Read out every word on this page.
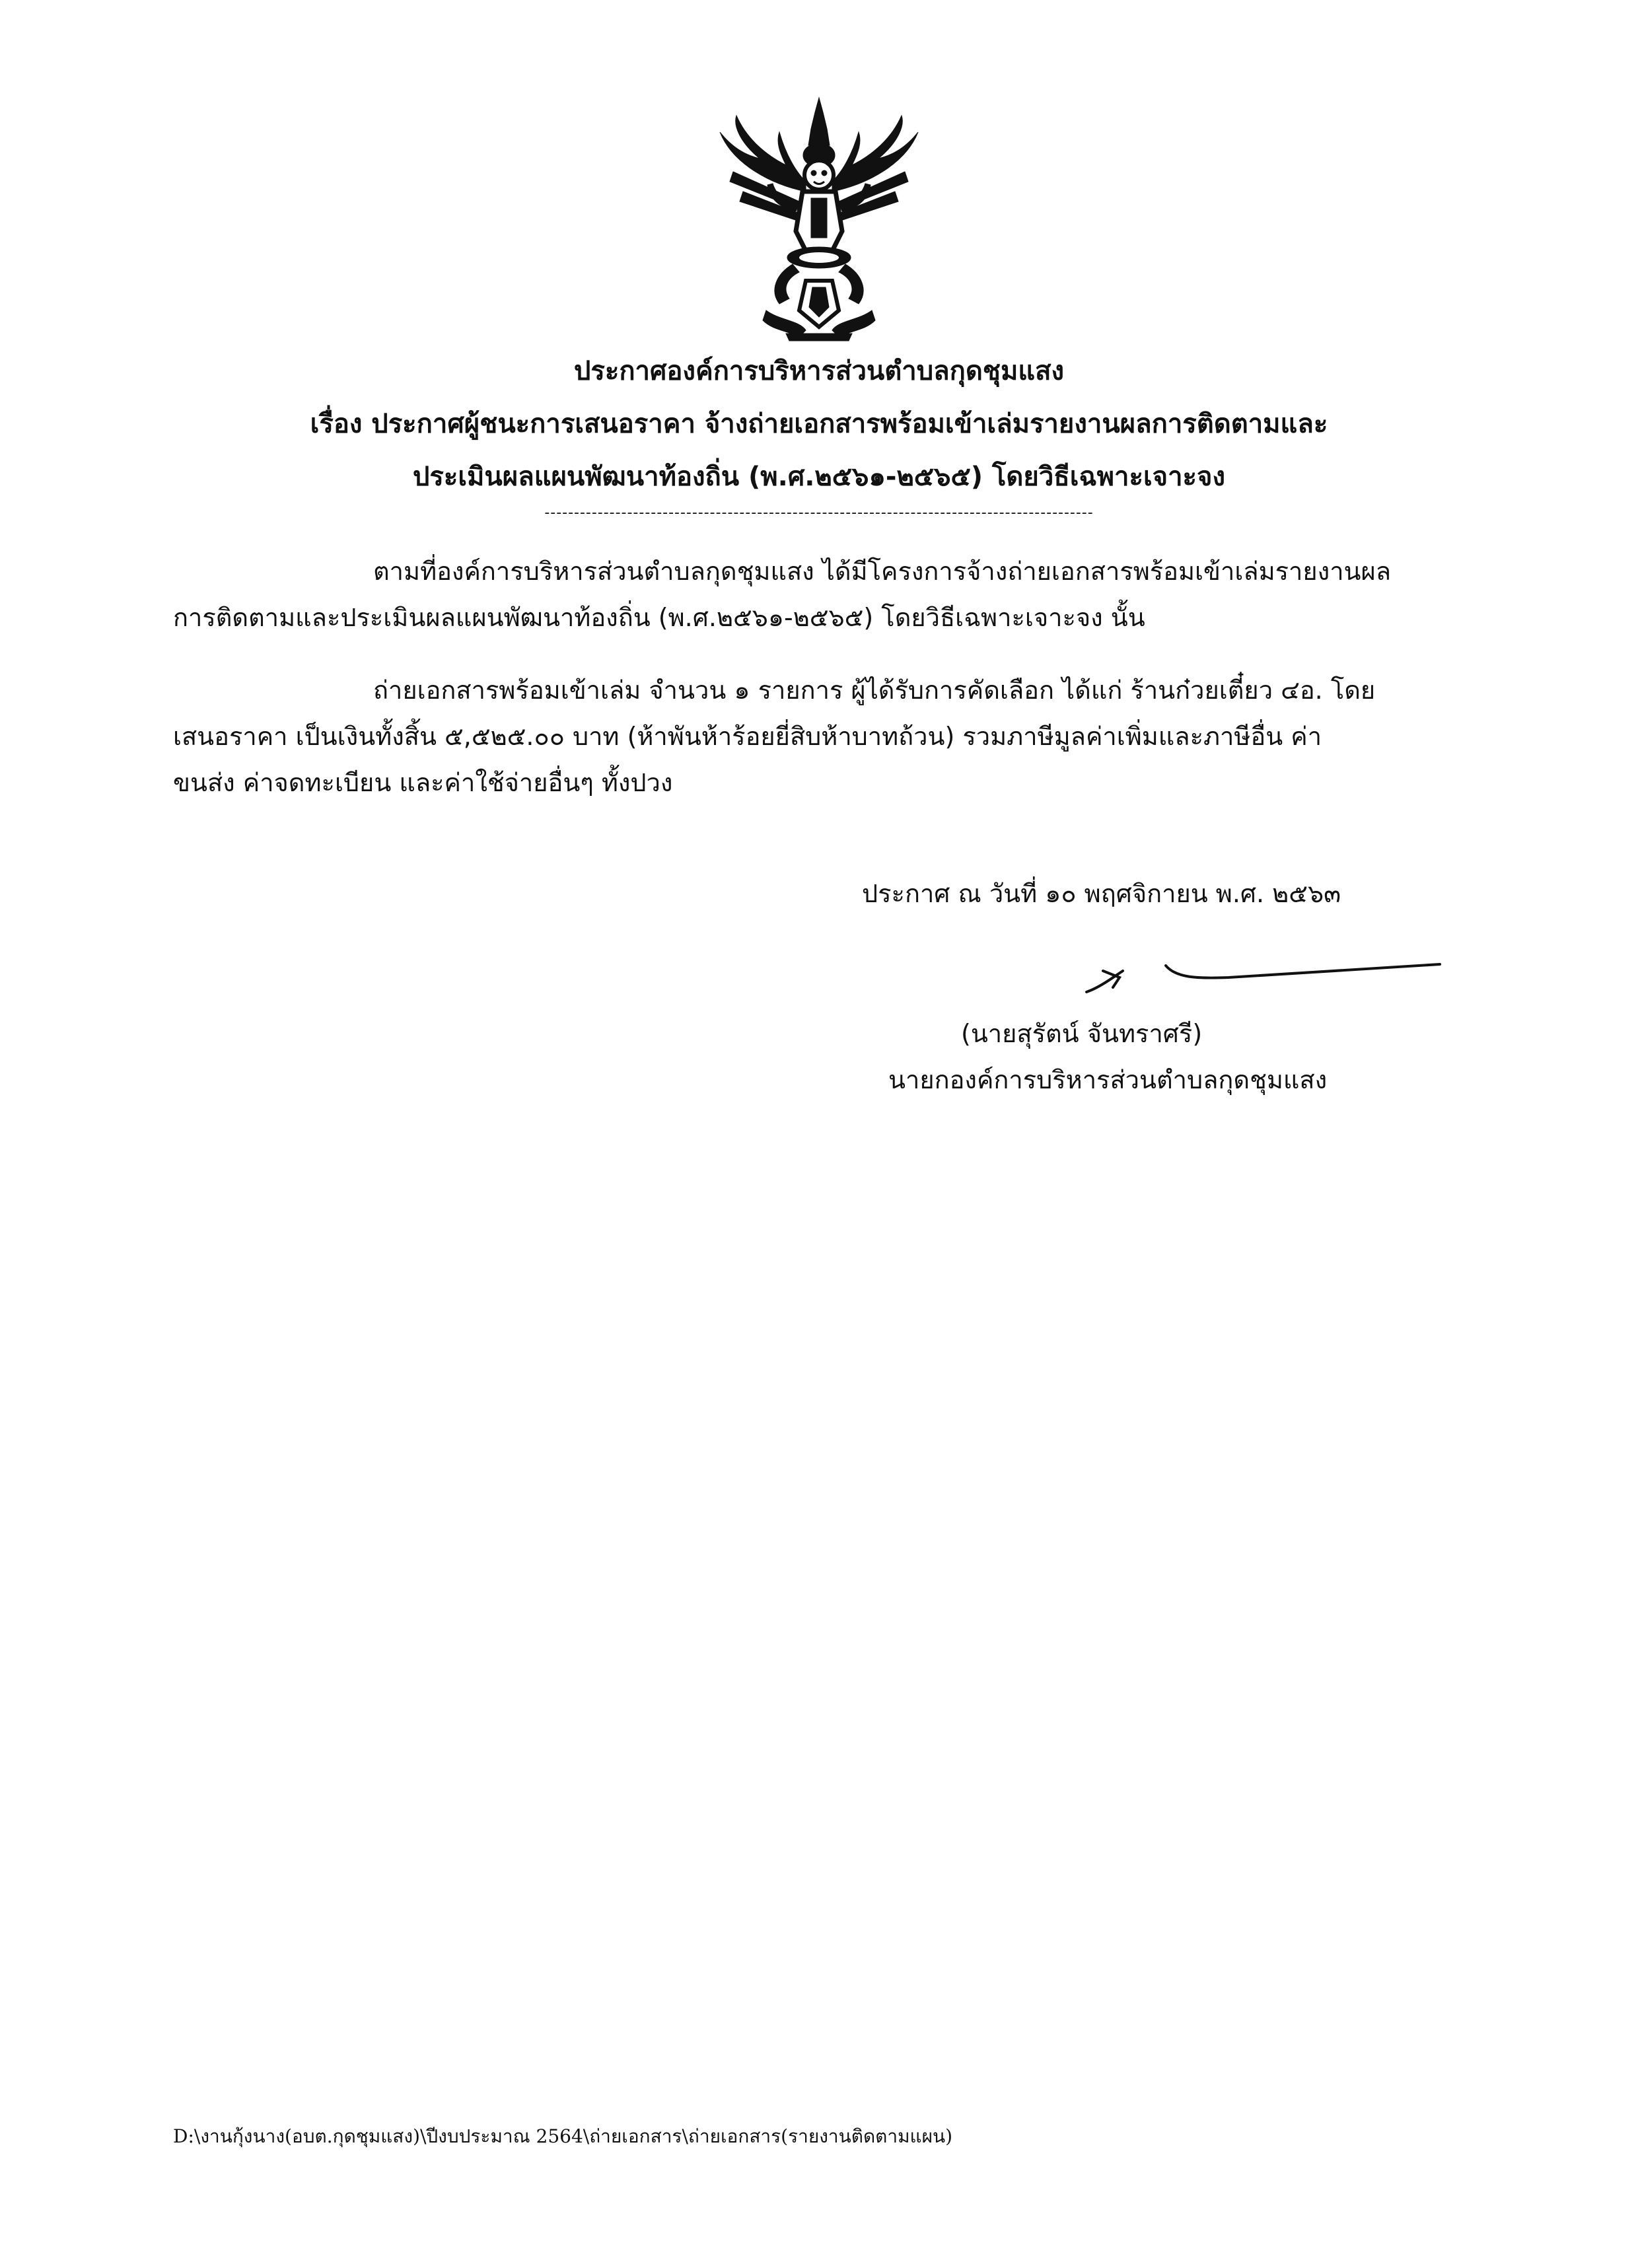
ประกาศองค์การบริหารส่วนตำบลกุดชุมแสง
เรื่อง ประกาศผู้ชนะการเสนอราคา จ้างถ่ายเอกสารพร้อมเข้าเล่มรายงานผลการติดตามและ
ประเมินผลแผนพัฒนาท้องถิ่น (พ.ศ.๒๕๖๑-๒๕๖๕) โดยวิธีเฉพาะเจาะจง
---------------------------------------------------------------------------------------------
ตามที่องค์การบริหารส่วนตำบลกุดชุมแสง ได้มีโครงการจ้างถ่ายเอกสารพร้อมเข้าเล่มรายงานผล
การติดตามและประเมินผลแผนพัฒนาท้องถิ่น (พ.ศ.๒๕๖๑-๒๕๖๕) โดยวิธีเฉพาะเจาะจง นั้น
ถ่ายเอกสารพร้อมเข้าเล่ม จำนวน ๑ รายการ ผู้ได้รับการคัดเลือก ได้แก่ ร้านก๋วยเตี๋ยว ๔อ. โดย
เสนอราคา เป็นเงินทั้งสิ้น ๕,๕๒๕.๐๐ บาท (ห้าพันห้าร้อยยี่สิบห้าบาทถ้วน) รวมภาษีมูลค่าเพิ่มและภาษีอื่น ค่า
ขนส่ง ค่าจดทะเบียน และค่าใช้จ่ายอื่นๆ ทั้งปวง
ประกาศ ณ วันที่ ๑๐ พฤศจิกายน พ.ศ. ๒๕๖๓
(นายสุรัตน์ จันทราศรี)
นายกองค์การบริหารส่วนตำบลกุดชุมแสง
D:\งานกุ้งนาง(อบต.กุดชุมแสง)\ปีงบประมาณ 2564\ถ่ายเอกสาร\ถ่ายเอกสาร(รายงานติดตามแผน)
